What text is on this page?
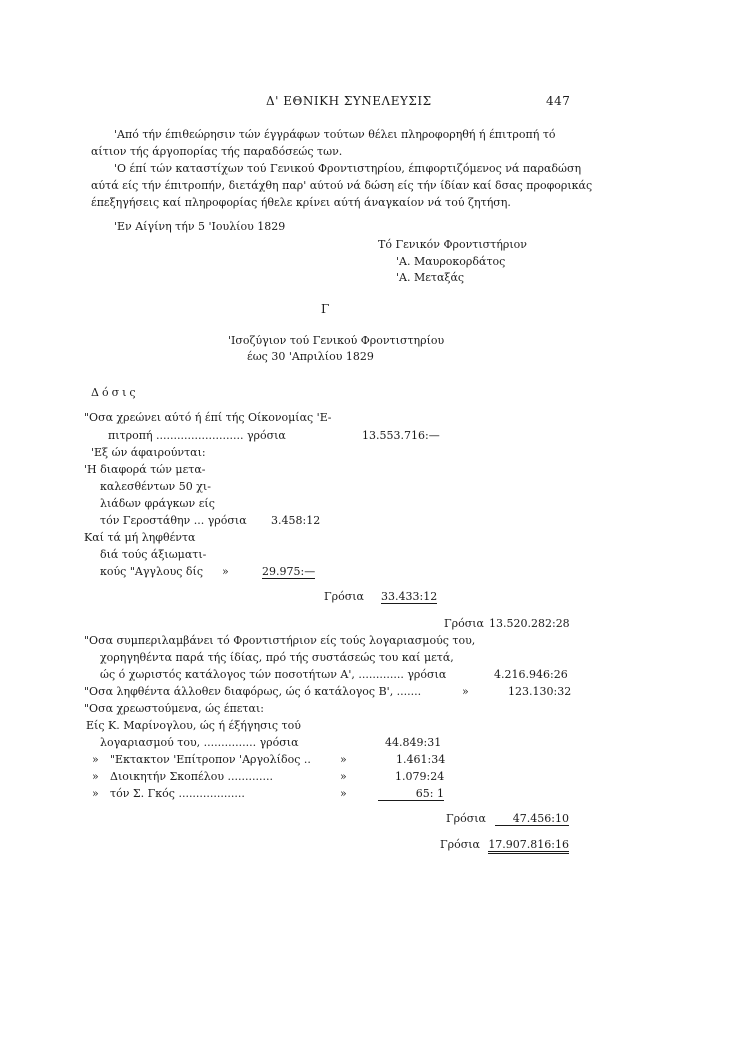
Δ' ΕΘΝΙΚΗ ΣΥΝΕΛΕΥΣΙΣ	447
'Από τήν έπιθεώρησιν τών έγγράφων τούτων θέλει πληροφορηθή ή έπιτροπή τό
αίτιον τής άργοπορίας τής παραδόσεώς των.
'Ο έπί τών καταστίχων τού Γενικού Φροντιστηρίου, έπιφορτιζόμενος νά παραδώση
αύτά είς τήν έπιτροπήν, διετάχθη παρ' αύτού νά δώση είς τήν ίδίαν καί δσας προφορικάς
έπεξηγήσεις καί πληροφορίας ήθελε κρίνει αύτή άναγκαίον νά τού ζητήση.
'Εν Αίγίνη τήν 5 'Ιουλίου 1829
Τό Γενικόν Φροντιστήριον
'Α. Μαυροκορδάτος
'Α. Μεταξάς
Γ
'Ισοζύγιον τού Γενικού Φροντιστηρίου
έως 30 'Απριλίου 1829
Δόσις
"Οσα χρεώνει αύτό ή έπί τής Οίκονομίας 'Ε-
πιτροπή ......................... γρόσια	13.553.716:—
'Εξ ών άφαιρούνται:
'Η διαφορά τών μετα-
καλεσθέντων 50 χι-
λιάδων φράγκων είς
τόν Γεροστάθην ... γρόσια 3.458:12
Καί τά μή ληφθέντα
διά τούς άξιωματι-
κούς "Αγγλους δίς »	29.975:—
Γρόσια 33.433:12
Γρόσια 13.520.282:28
"Οσα συμπεριλαμβάνει τό Φροντιστήριον είς τούς λογαριασμούς του,
χορηγηθέντα παρά τής ίδίας, πρό τής συστάσεώς του καί μετά,
ώς ό χωριστός κατάλογος τών ποσοτήτων Α', ............. γρόσια	4.216.946:26
"Οσα ληφθέντα άλλοθεν διαφόρως, ώς ό κατάλογος Β', .......	»	123.130:32
"Οσα χρεωστούμενα, ώς έπεται:
Είς Κ. Μαρίνογλου, ώς ή έξήγησις τού
λογαριασμού του, ............... γρόσια	44.849:31
» "Εκτακτον 'Επίτροπον 'Αργολίδος ..	»	1.461:34
» Διοικητήν Σκοπέλου .............	»	1.079:24
» τόν Σ. Γκός ...................	»	65: 1
Γρόσια	47.456:10
Γρόσια 17.907.816:16
